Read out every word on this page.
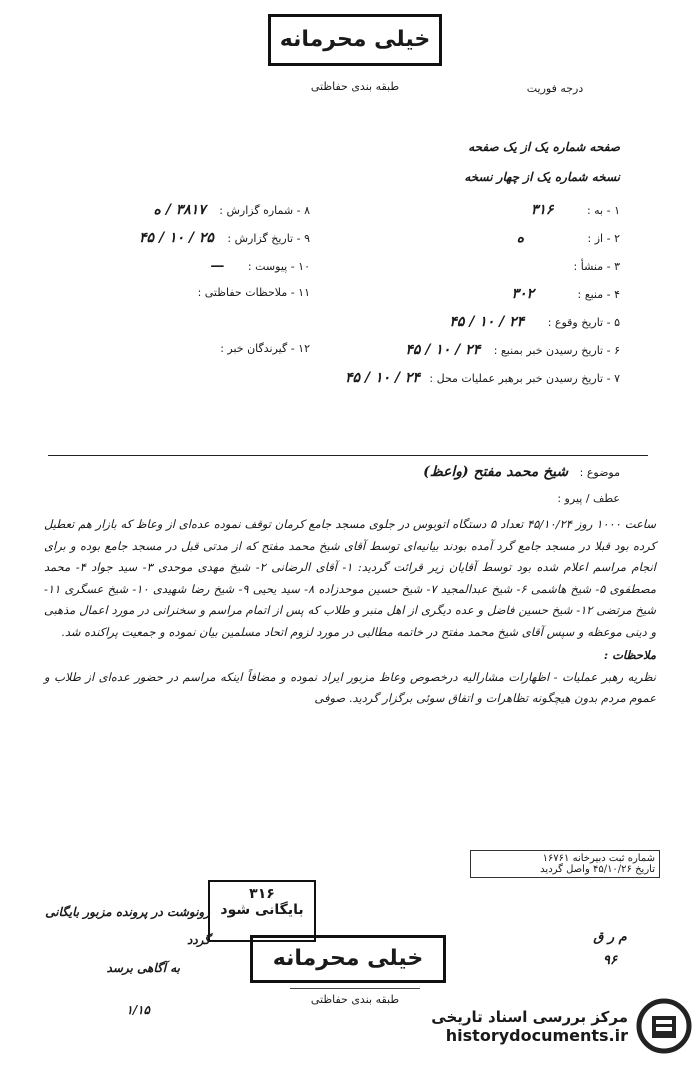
خیلی محرمانه
طبقه بندی حفاظتی	درجه فوریت
صفحه شماره یک از یک صفحه
نسخه شماره یک از چهار نسخه
۱ - به : ۳۱۶
۲ - از : ه
۳ - منشأ :
۴ - منبع : ۳۰۲
۵ - تاریخ وقوع : ۲۴ / ۱۰ / ۴۵
۶ - تاریخ رسیدن خبر بمنبع : ۲۴ / ۱۰ / ۴۵
۷ - تاریخ رسیدن خبر برهبر عملیات محل : ۲۴ / ۱۰ / ۴۵
۸ - شماره گزارش : ۳۸۱۷ / ه
۹ - تاریخ گزارش : ۲۵ / ۱۰ / ۴۵
۱۰ - پیوست : —
۱۱ - ملاحظات حفاظتی :
۱۲ - گیرندگان خبر :
موضوع : شیخ محمد مفتح (واعظ)
عطف / پیرو :
ساعت ۱۰۰۰ روز ۴۵/۱۰/۲۴ تعداد ۵ دستگاه اتوبوس در جلوی مسجد جامع کرمان توقف نموده عده‌ای از وعاظ که بازار هم تعطیل کرده بود قبلا در مسجد جامع گرد آمده بودند بیانیه‌ای توسط آقای شیخ محمد مفتح که از مدتی قبل در مسجد جامع بوده و برای انجام مراسم اعلام شده بود توسط آقایان زیر قرائت گردید: ۱- آقای الرضانی ۲- شیخ مهدی موحدی ۳- سید جواد ۴- محمد مصطفوی ۵- شیخ هاشمی ۶- شیخ عبدالمجید ۷- شیخ حسین موحدزاده ۸- سید یحیی ۹- شیخ رضا شهیدی ۱۰- شیخ عسگری ۱۱- شیخ مرتضی ۱۲- شیخ حسین فاضل و عده دیگری از اهل منبر و طلاب که پس از اتمام مراسم و سخنرانی در مورد اعمال مذهبی و دینی موعظه و سپس آقای شیخ محمد مفتح در خاتمه مطالبی در مورد لزوم اتحاد مسلمین بیان نموده و جمعیت پراکنده شد.
ملاحظات :
نظریه رهبر عملیات - اظهارات مشارالیه درخصوص وعاظ مزبور ایراد نموده و مضافاً اینکه مراسم در حضور عده‌ای از طلاب و عموم مردم بدون هیچگونه تظاهرات و اتفاق سوئی برگزار گردید. صوفی
شماره ثبت دبیرخانه ۱۶۷۶۱
تاریخ ۴۵/۱۰/۲۶ واصل گردید
۳۱۶
بایگانی شود
خیلی محرمانه
طبقه بندی حفاظتی
رونوشت در پرونده مزبور بایگانی گردد
به آگاهی برسد
۱/۱۵
م ر ق
۹۶
مرکز بررسی اسناد تاریخی
historydocuments.ir
